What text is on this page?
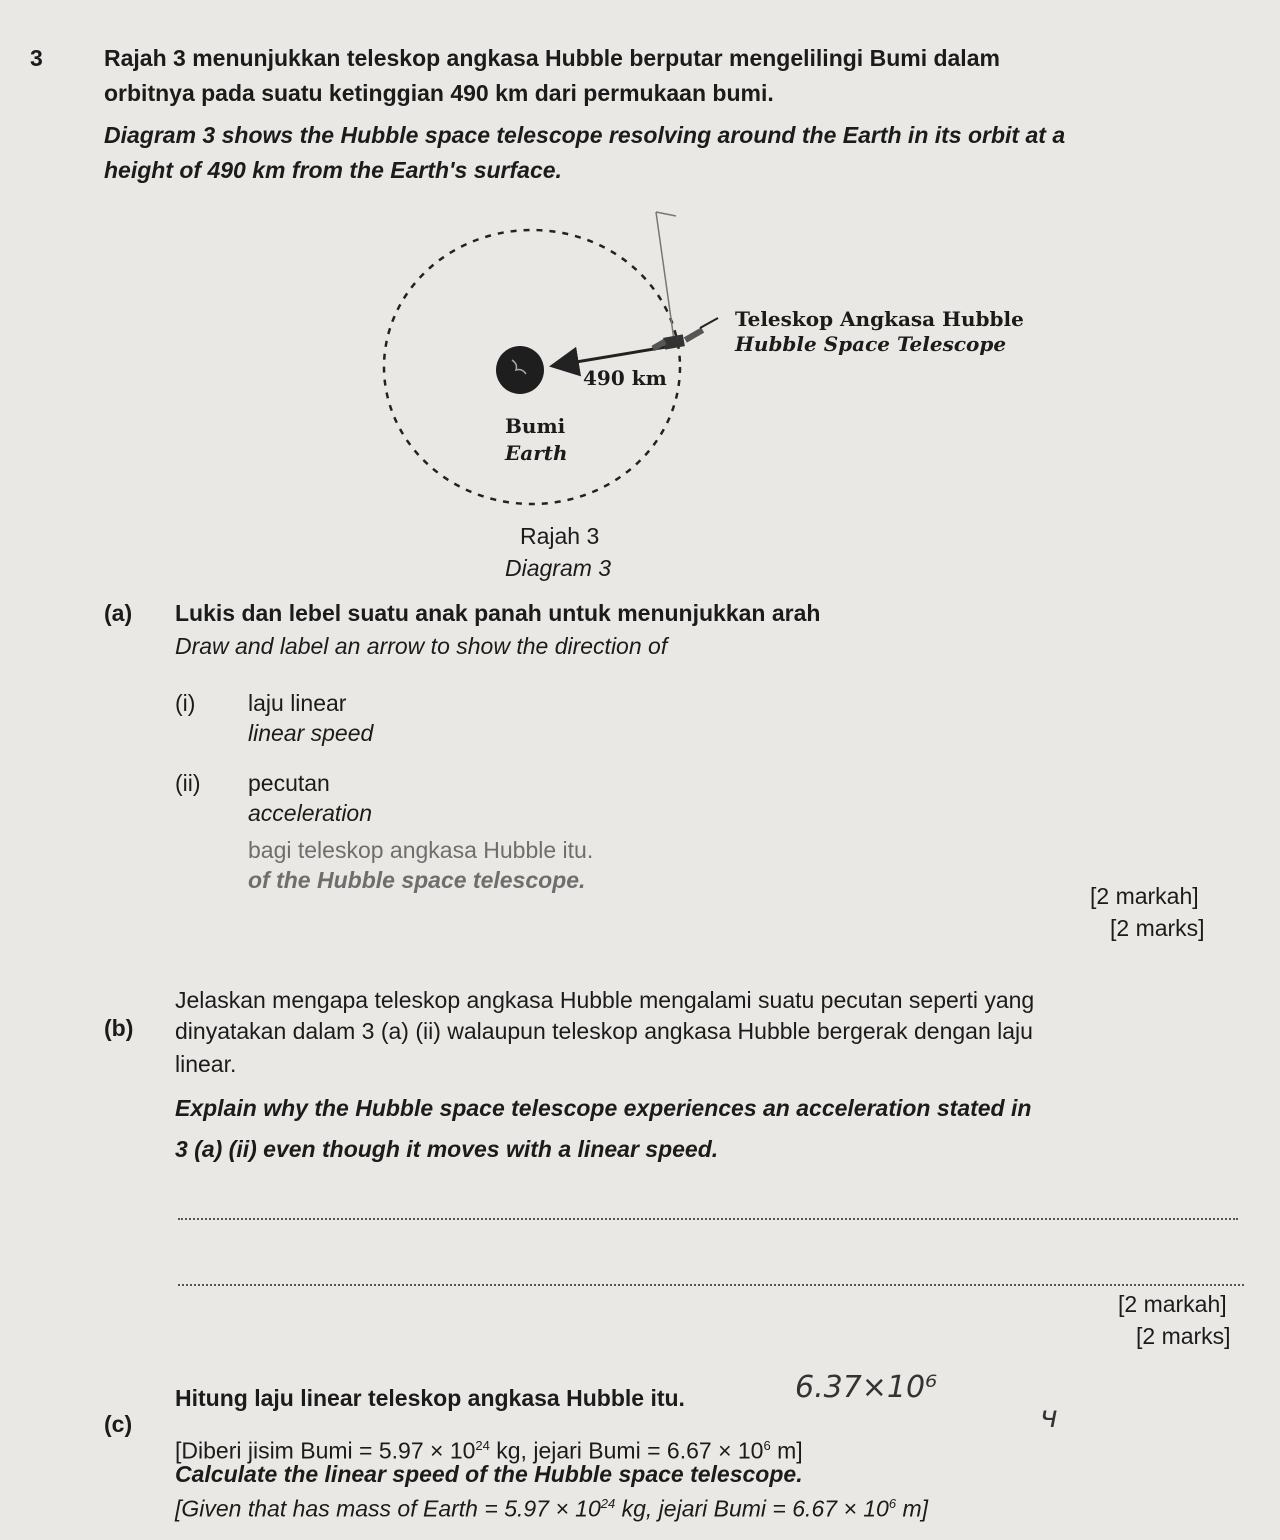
3	Rajah 3 menunjukkan teleskop angkasa Hubble berputar mengelilingi Bumi dalam
orbitnya pada suatu ketinggian 490 km dari permukaan bumi.
Diagram 3 shows the Hubble space telescope resolving around the Earth in its orbit at a
height of 490 km from the Earth's surface.
Teleskop Angkasa Hubble
Hubble Space Telescope
490 km
Bumi
Earth
Rajah 3
Diagram 3
(a) Lukis dan lebel suatu anak panah untuk menunjukkan arah
Draw and label an arrow to show the direction of
(i) laju linear
linear speed
(ii) pecutan
acceleration
bagi teleskop angkasa Hubble itu.
of the Hubble space telescope.
[2 markah]
[2 marks]
(b)
Jelaskan mengapa teleskop angkasa Hubble mengalami suatu pecutan seperti yang
dinyatakan dalam 3 (a) (ii) walaupun teleskop angkasa Hubble bergerak dengan laju
linear.
Explain why the Hubble space telescope experiences an acceleration stated in
3 (a) (ii) even though it moves with a linear speed.
[2 markah]
[2 marks]
(c)
Hitung laju linear teleskop angkasa Hubble itu.
[Diberi jisim Bumi = $5.97 \times 10^{24}$ kg, jejari Bumi = $6.67 \times 10^6$ m]
Calculate the linear speed of the Hubble space telescope.
[Given that has mass of Earth = $5.97 \times 10^{24}$ kg, jejari Bumi = $6.67 \times 10^6$ m]
6.37×10⁶
ч
